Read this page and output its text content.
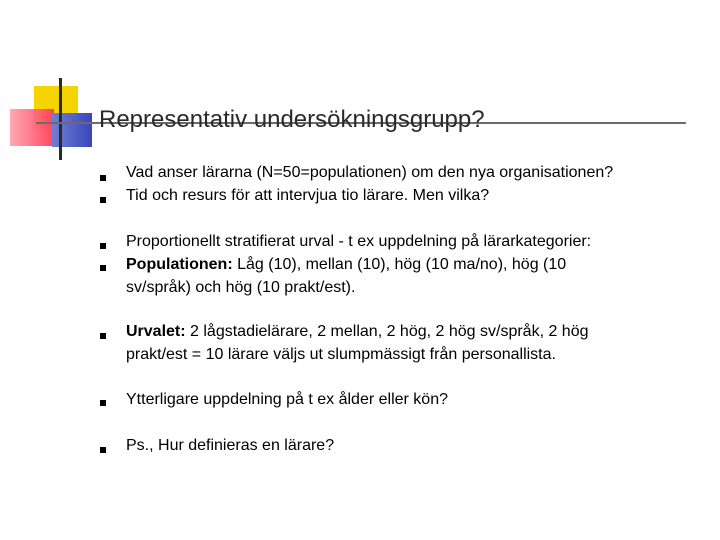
Representativ undersökningsgrupp?
Vad anser lärarna (N=50=populationen) om den nya organisationen?
Tid och resurs för att intervjua tio lärare. Men vilka?
Proportionellt stratifierat urval - t ex uppdelning på lärarkategorier:
Populationen: Låg (10), mellan (10), hög (10 ma/no), hög (10
sv/språk) och hög (10 prakt/est).
Urvalet: 2 lågstadielärare, 2 mellan, 2 hög, 2 hög sv/språk, 2 hög
prakt/est = 10 lärare väljs ut slumpmässigt från personallista.
Ytterligare uppdelning på t ex ålder eller kön?
Ps., Hur definieras en lärare?
